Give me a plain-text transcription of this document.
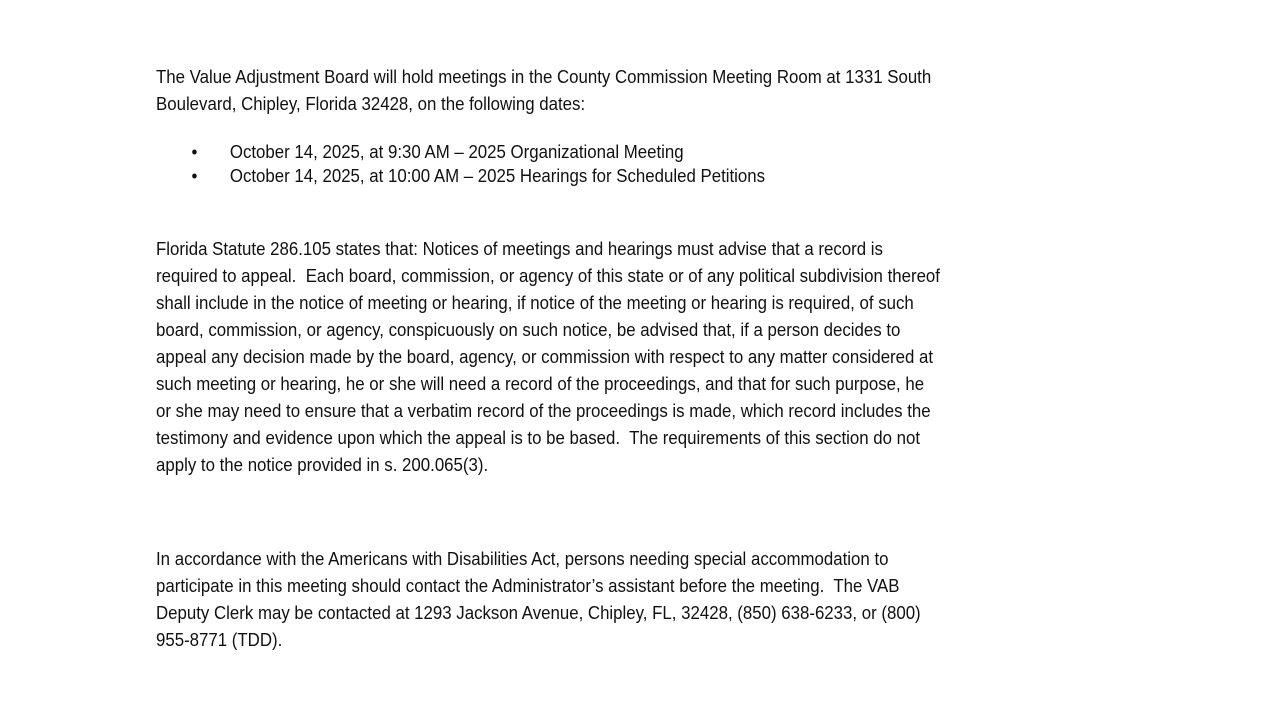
The Value Adjustment Board will hold meetings in the County Commission Meeting Room at 1331 South
Boulevard, Chipley, Florida 32428, on the following dates:

•

October 14, 2025, at 9:30 AM – 2025 Organizational Meeting

•

October 14, 2025, at 10:00 AM – 2025 Hearings for Scheduled Petitions

Florida Statute 286.105 states that: Notices of meetings and hearings must advise that a record is
required to appeal.  Each board, commission, or agency of this state or of any political subdivision thereof
shall include in the notice of meeting or hearing, if notice of the meeting or hearing is required, of such
board, commission, or agency, conspicuously on such notice, be advised that, if a person decides to
appeal any decision made by the board, agency, or commission with respect to any matter considered at
such meeting or hearing, he or she will need a record of the proceedings, and that for such purpose, he
or she may need to ensure that a verbatim record of the proceedings is made, which record includes the
testimony and evidence upon which the appeal is to be based.  The requirements of this section do not
apply to the notice provided in s. 200.065(3).
In accordance with the Americans with Disabilities Act, persons needing special accommodation to
participate in this meeting should contact the Administrator’s assistant before the meeting.  The VAB
Deputy Clerk may be contacted at 1293 Jackson Avenue, Chipley, FL, 32428, (850) 638-6233, or (800)
955-8771 (TDD).
